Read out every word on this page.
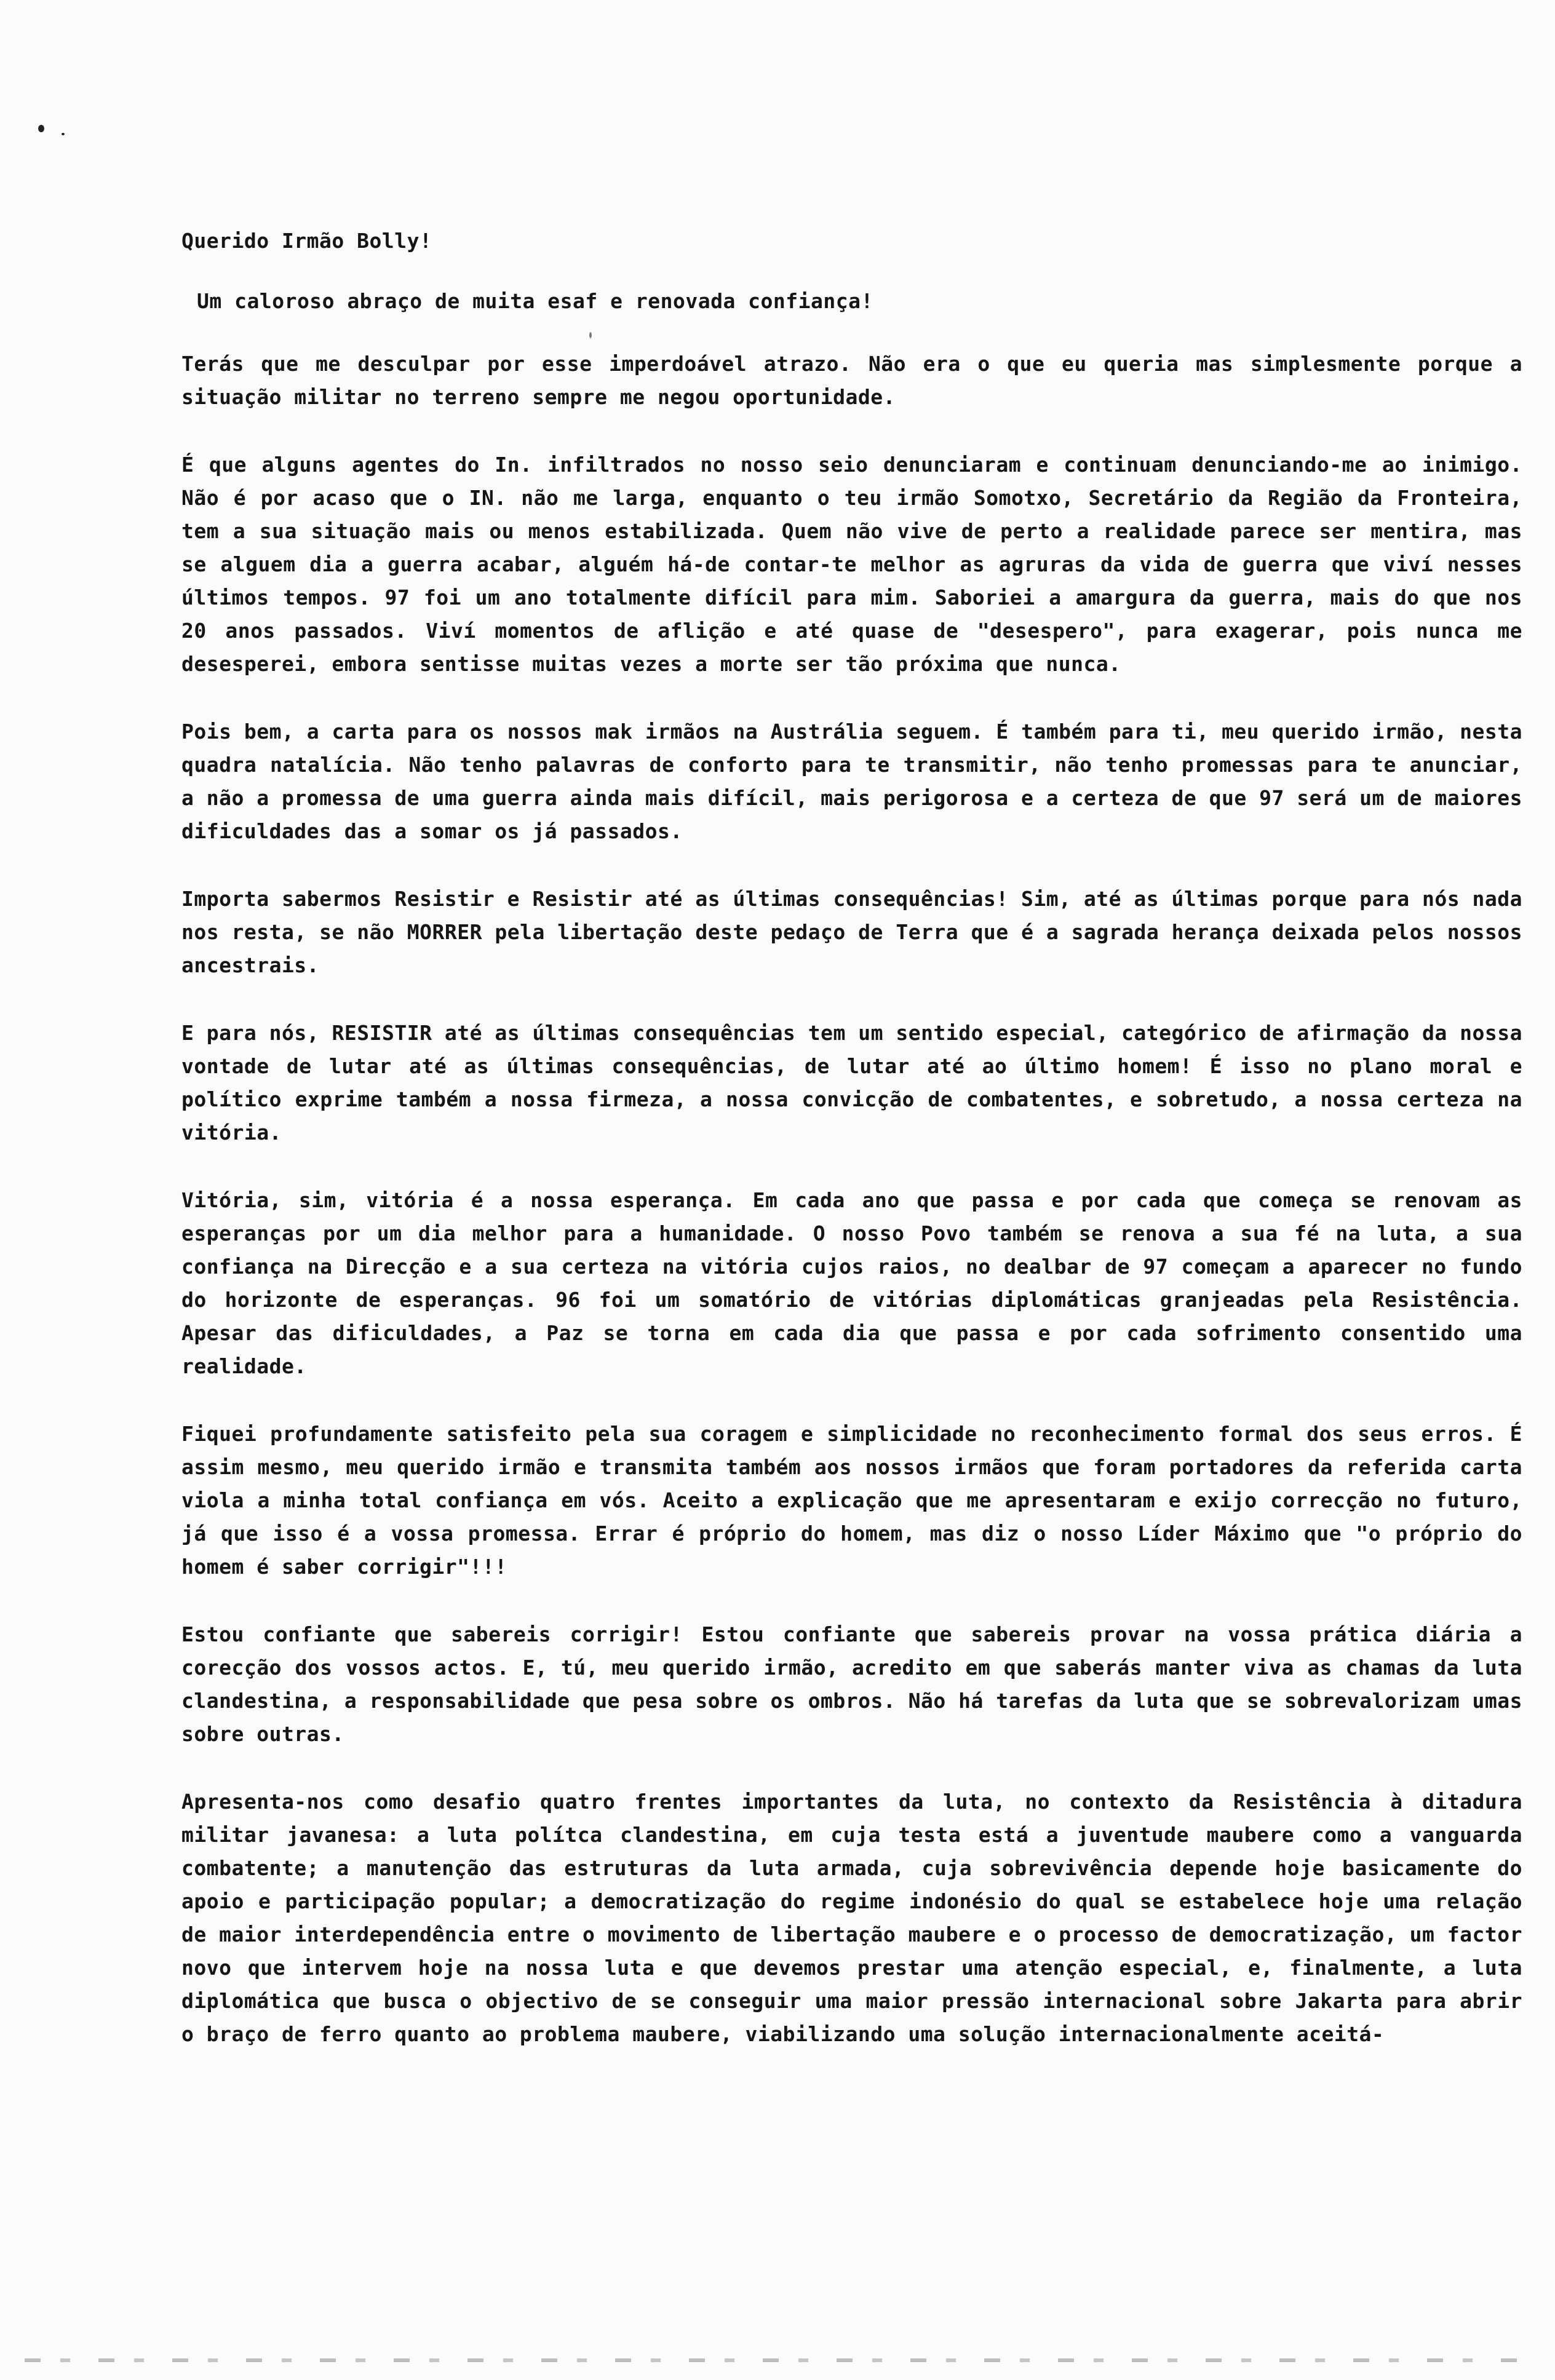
Querido Irmão Bolly!
Um caloroso abraço de muita esaf e renovada confiança!

Terás que me desculpar por esse imperdoável atrazo. Não era o que eu queria mas simplesmente porque a situação militar no terreno sempre me negou oportunidade.

É que alguns agentes do In. infiltrados no nosso seio denunciaram e continuam denunciando-me ao inimigo. Não é por acaso que o IN. não me larga, enquanto o teu irmão Somotxo, Secretário da Região da Fronteira, tem a sua situação mais ou menos estabilizada. Quem não vive de perto a realidade parece ser mentira, mas se alguem dia a guerra acabar, alguém há-de contar-te melhor as agruras da vida de guerra que viví nesses últimos tempos. 97 foi um ano totalmente difícil para mim. Saboriei a amargura da guerra, mais do que nos 20 anos passados. Viví momentos de aflição e até quase de "desespero", para exagerar, pois nunca me desesperei, embora sentisse muitas vezes a morte ser tão próxima que nunca.

Pois bem, a carta para os nossos mak irmãos na Austrália seguem. É também para ti, meu querido irmão, nesta quadra natalícia. Não tenho palavras de conforto para te transmitir, não tenho promessas para te anunciar, a não a promessa de uma guerra ainda mais difícil, mais perigorosa e a certeza de que 97 será um de maiores dificuldades das a somar os já passados.

Importa sabermos Resistir e Resistir até as últimas consequências! Sim, até as últimas porque para nós nada nos resta, se não MORRER pela libertação deste pedaço de Terra que é a sagrada herança deixada pelos nossos ancestrais.

E para nós, RESISTIR até as últimas consequências tem um sentido especial, categórico de afirmação da nossa vontade de lutar até as últimas consequências, de lutar até ao último homem! É isso no plano moral e político exprime também a nossa firmeza, a nossa convicção de combatentes, e sobretudo, a nossa certeza na vitória.

Vitória, sim, vitória é a nossa esperança. Em cada ano que passa e por cada que começa se renovam as esperanças por um dia melhor para a humanidade. O nosso Povo também se renova a sua fé na luta, a sua confiança na Direcção e a sua certeza na vitória cujos raios, no dealbar de 97 começam a aparecer no fundo do horizonte de esperanças. 96 foi um somatório de vitórias diplomáticas granjeadas pela Resistência. Apesar das dificuldades, a Paz se torna em cada dia que passa e por cada sofrimento consentido uma realidade.

Fiquei profundamente satisfeito pela sua coragem e simplicidade no reconhecimento formal dos seus erros. É assim mesmo, meu querido irmão e transmita também aos nossos irmãos que foram portadores da referida carta viola a minha total confiança em vós. Aceito a explicação que me apresentaram e exijo correcção no futuro, já que isso é a vossa promessa. Errar é próprio do homem, mas diz o nosso Líder Máximo que "o próprio do homem é saber corrigir"!!!

Estou confiante que sabereis corrigir! Estou confiante que sabereis provar na vossa prática diária a corecção dos vossos actos. E, tú, meu querido irmão, acredito em que saberás manter viva as chamas da luta clandestina, a responsabilidade que pesa sobre os ombros. Não há tarefas da luta que se sobrevalorizam umas sobre outras.

Apresenta-nos como desafio quatro frentes importantes da luta, no contexto da Resistência à ditadura militar javanesa: a luta polítca clandestina, em cuja testa está a juventude maubere como a vanguarda combatente; a manutenção das estruturas da luta armada, cuja sobrevivência depende hoje basicamente do apoio e participação popular; a democratização do regime indonésio do qual se estabelece hoje uma relação de maior interdependência entre o movimento de libertação maubere e o processo de democratização, um factor novo que intervem hoje na nossa luta e que devemos prestar uma atenção especial, e, finalmente, a luta diplomática que busca o objectivo de se conseguir uma maior pressão internacional sobre Jakarta para abrir o braço de ferro quanto ao problema maubere, viabilizando uma solução internacionalmente aceitá-
